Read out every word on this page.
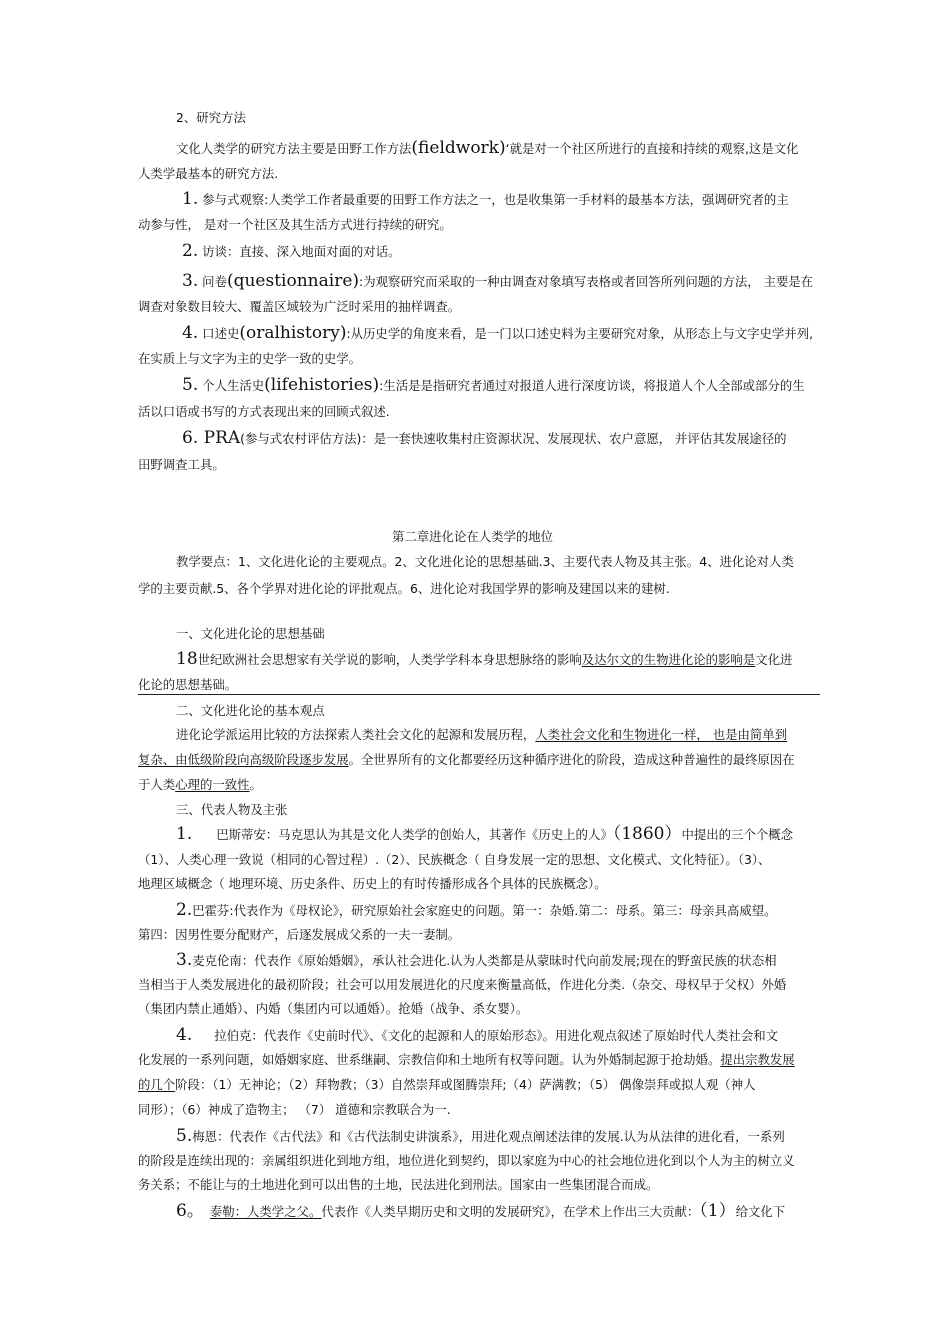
2、研究方法
文化人类学的研究方法主要是田野工作方法(fieldwork)‘就是对一个社区所进行的直接和持续的观察,这是文化
人类学最基本的研究方法.
1. 参与式观察:人类学工作者最重要的田野工作方法之一，也是收集第一手材料的最基本方法，强调研究者的主
动参与性， 是对一个社区及其生活方式进行持续的研究。
2. 访谈：直接、深入地面对面的对话。
3. 问卷(questionnaire):为观察研究而采取的一种由调查对象填写表格或者回答所列问题的方法， 主要是在
调查对象数目较大、覆盖区域较为广泛时采用的抽样调查。
4. 口述史(oralhistory):从历史学的角度来看，是一门以口述史料为主要研究对象，从形态上与文字史学并列,
在实质上与文字为主的史学一致的史学。
5. 个人生活史(lifehistories):生活是是指研究者通过对报道人进行深度访谈，将报道人个人全部或部分的生
活以口语或书写的方式表现出来的回顾式叙述.
6. PRA(参与式农村评估方法)：是一套快速收集村庄资源状况、发展现状、农户意愿， 并评估其发展途径的
田野调查工具。
第二章进化论在人类学的地位
教学要点：1、文化进化论的主要观点。2、文化进化论的思想基础.3、主要代表人物及其主张。4、进化论对人类
学的主要贡献.5、各个学界对进化论的评批观点。6、进化论对我国学界的影响及建国以来的建树.
一、文化进化论的思想基础
18世纪欧洲社会思想家有关学说的影响，人类学学科本身思想脉络的影响及达尔文的生物进化论的影响是文化进
化论的思想基础。
二、文化进化论的基本观点
进化论学派运用比较的方法探索人类社会文化的起源和发展历程，人类社会文化和生物进化一样， 也是由简单到
复杂、由低级阶段向高级阶段逐步发展。全世界所有的文化都要经历这种循序进化的阶段，造成这种普遍性的最终原因在
于人类心理的一致性。
三、代表人物及主张
1. 巴斯蒂安：马克思认为其是文化人类学的创始人，其著作《历史上的人》（1860）中提出的三个个概念
（1）、人类心理一致说（相同的心智过程）.（2）、民族概念（ 自身发展一定的思想、文化模式、文化特征）。（3）、
地理区域概念（ 地理环境、历史条件、历史上的有时传播形成各个具体的民族概念）。
2.巴霍芬:代表作为《母权论》，研究原始社会家庭史的问题。第一：杂婚.第二：母系。第三：母亲具高威望。
第四：因男性要分配财产，后逐发展成父系的一夫一妻制。
3.麦克伦南：代表作《原始婚姻》，承认社会进化.认为人类都是从蒙昧时代向前发展;现在的野蛮民族的状态相
当相当于人类发展进化的最初阶段；社会可以用发展进化的尺度来衡量高低，作进化分类.（杂交、母权早于父权）外婚
（集团内禁止通婚）、内婚（集团内可以通婚）。抢婚（战争、杀女婴）。
4. 拉伯克：代表作《史前时代》、《文化的起源和人的原始形态》。用进化观点叙述了原始时代人类社会和文
化发展的一系列问题，如婚姻家庭、世系继嗣、宗教信仰和土地所有权等问题。认为外婚制起源于抢劫婚。提出宗教发展
的几个阶段：（1）无神论；（2）拜物教；（3）自然崇拜或图腾崇拜;（4）萨满教；（5） 偶像崇拜或拟人观（神人
同形）；（6）神成了造物主； （7） 道德和宗教联合为一.
5.梅恩：代表作《古代法》和《古代法制史讲演系》，用进化观点阐述法律的发展.认为从法律的进化看，一系列
的阶段是连续出现的：亲属组织进化到地方组，地位进化到契约，即以家庭为中心的社会地位进化到以个人为主的树立义
务关系；不能让与的土地进化到可以出售的土地，民法进化到刑法。国家由一些集团混合而成。
6。 泰勒：人类学之父。代表作《人类早期历史和文明的发展研究》，在学术上作出三大贡献：（1）给文化下
